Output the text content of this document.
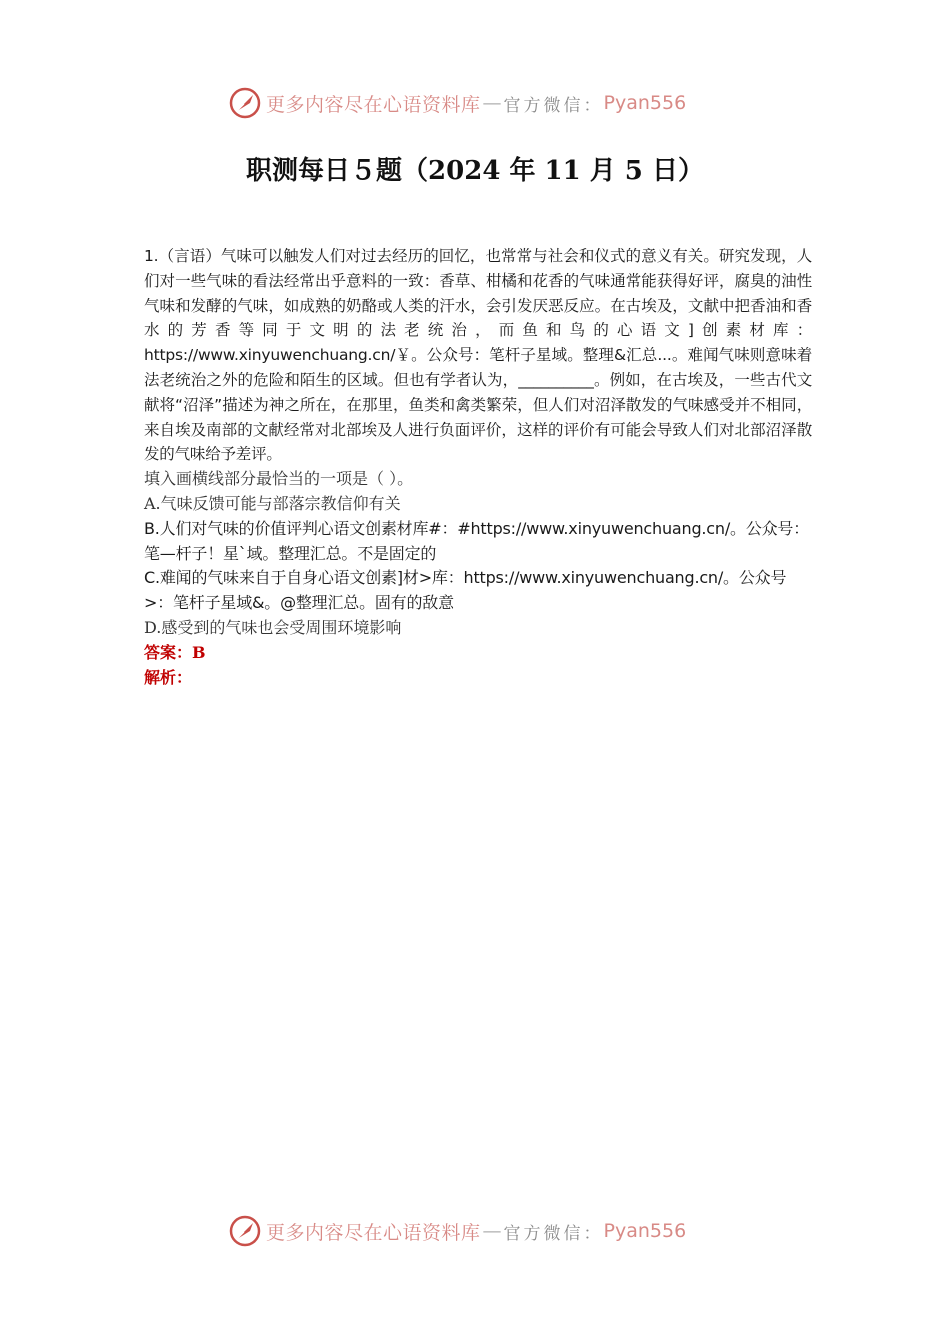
更多内容尽在心语资料库 — 官方微信： Pyan556
职测每日５题（2024 年 11 月 5 日）

1.（言语）气味可以触发人们对过去经历的回忆，也常常与社会和仪式的意义有关。研究发现，人们对一些气味的看法经常出乎意料的一致：香草、柑橘和花香的气味通常能获得好评，腐臭的油性气味和发酵的气味，如成熟的奶酪或人类的汗水，会引发厌恶反应。在古埃及，文献中把香油和香水的芳香等同于文明的法老统治，而鱼和鸟的心语文]创素材库：https://www.xinyuwenchuang.cn/￥。公众号：笔杆子星域。整理&汇总...。难闻气味则意味着法老统治之外的危险和陌生的区域。但也有学者认为，__________。例如，在古埃及，一些古代文献将“沼泽”描述为神之所在，在那里，鱼类和禽类繁荣，但人们对沼泽散发的气味感受并不相同，来自埃及南部的文献经常对北部埃及人进行负面评价，这样的评价有可能会导致人们对北部沼泽散发的气味给予差评。

填入画横线部分最恰当的一项是（ ）。

A.气味反馈可能与部落宗教信仰有关

B.人们对气味的价值评判心语文创素材库#：#https://www.xinyuwenchuang.cn/。公众号：笔—杆子！星`域。整理汇总。不是固定的

C.难闻的气味来自于自身心语文创素]材>库：https://www.xinyuwenchuang.cn/。公众号>：笔杆子星域&。@整理汇总。固有的敌意

D.感受到的气味也会受周围环境影响

答案：B

解析：

更多内容尽在心语资料库 — 官方微信： Pyan556
